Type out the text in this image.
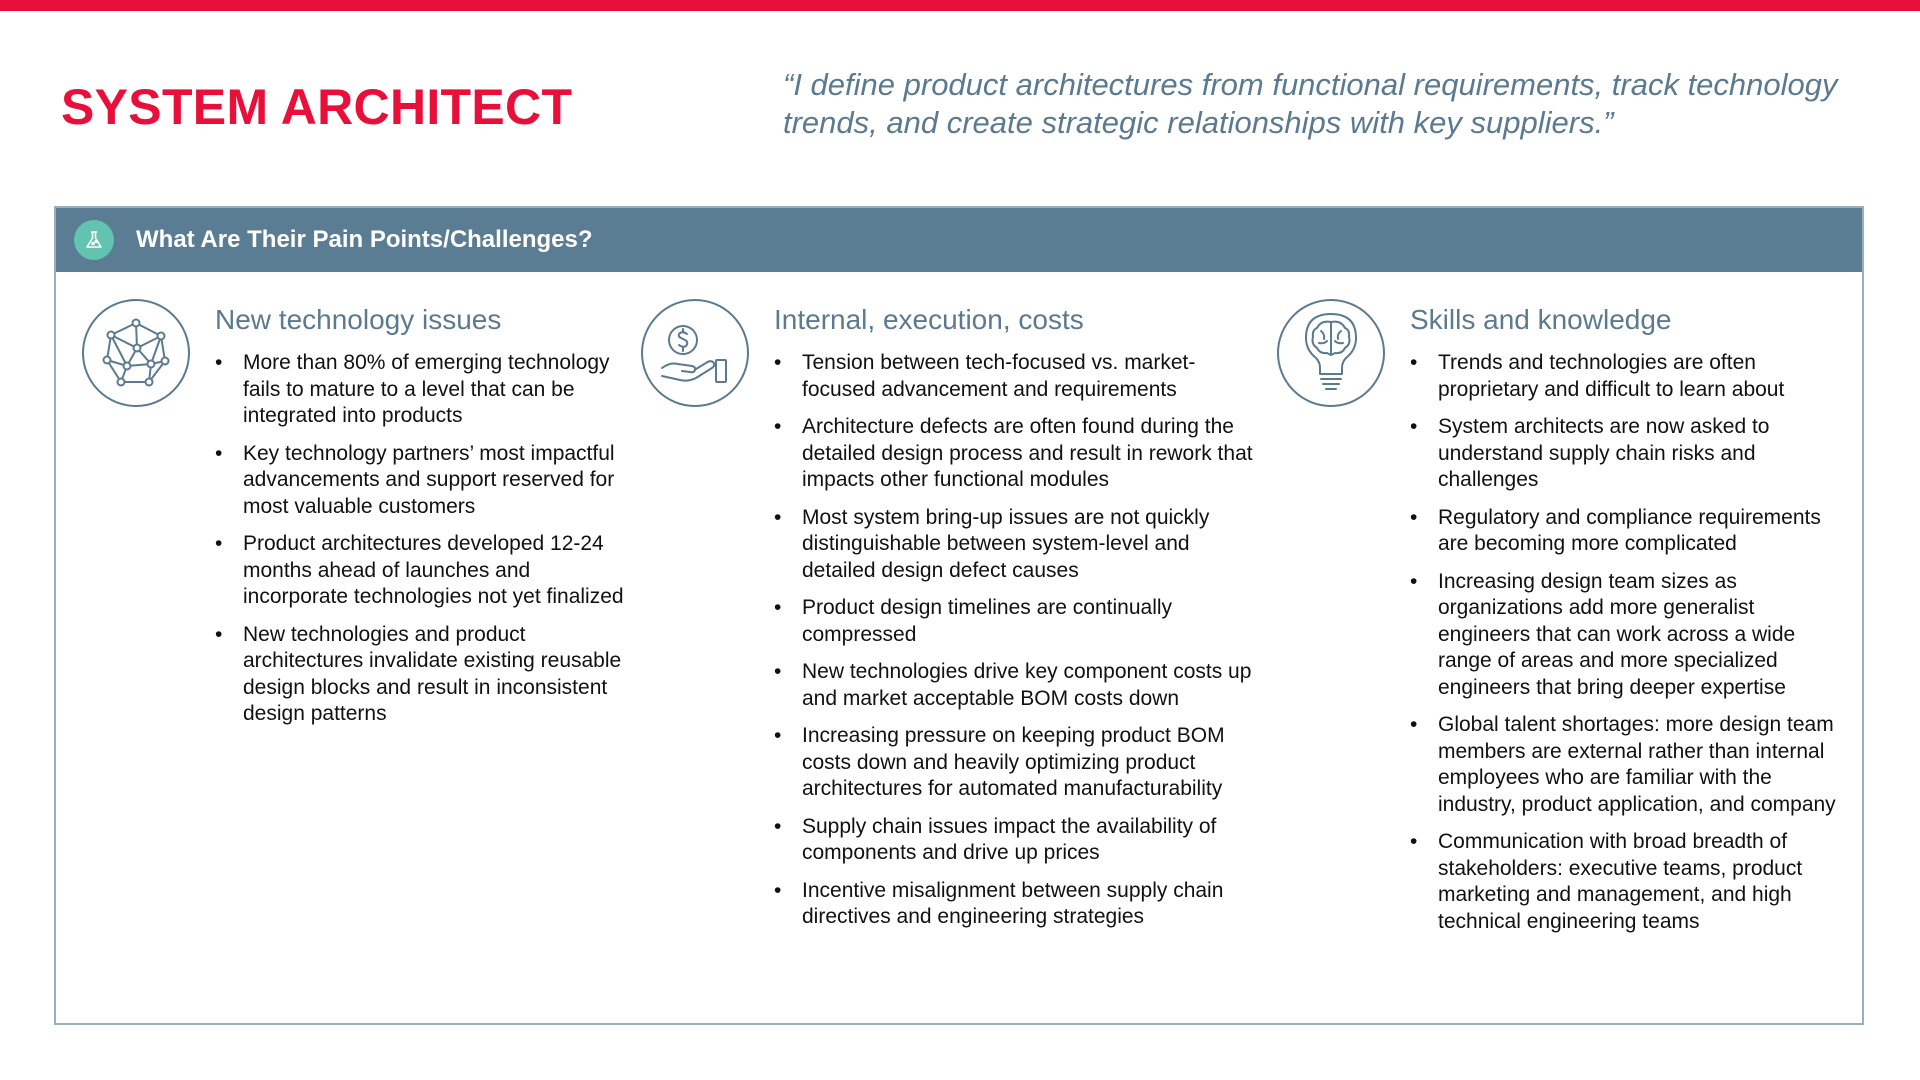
SYSTEM ARCHITECT	“I define product architectures from functional requirements, track technology trends, and create strategic relationships with key suppliers.”

What Are Their Pain Points/Challenges?
New technology issues
• More than 80% of emerging technology fails to mature to a level that can be integrated into products
• Key technology partners’ most impactful advancements and support reserved for most valuable customers
• Product architectures developed 12-24 months ahead of launches and incorporate technologies not yet finalized
• New technologies and product architectures invalidate existing reusable design blocks and result in inconsistent design patterns
Internal, execution, costs
• Tension between tech-focused vs. market-focused advancement and requirements
• Architecture defects are often found during the detailed design process and result in rework that impacts other functional modules
• Most system bring-up issues are not quickly distinguishable between system-level and detailed design defect causes
• Product design timelines are continually compressed
• New technologies drive key component costs up and market acceptable BOM costs down
• Increasing pressure on keeping product BOM costs down and heavily optimizing product architectures for automated manufacturability
• Supply chain issues impact the availability of components and drive up prices
• Incentive misalignment between supply chain directives and engineering strategies
Skills and knowledge
• Trends and technologies are often proprietary and difficult to learn about
• System architects are now asked to understand supply chain risks and challenges
• Regulatory and compliance requirements are becoming more complicated
• Increasing design team sizes as organizations add more generalist engineers that can work across a wide range of areas and more specialized engineers that bring deeper expertise
• Global talent shortages: more design team members are external rather than internal employees who are familiar with the industry, product application, and company
• Communication with broad breadth of stakeholders: executive teams, product marketing and management, and high technical engineering teams
